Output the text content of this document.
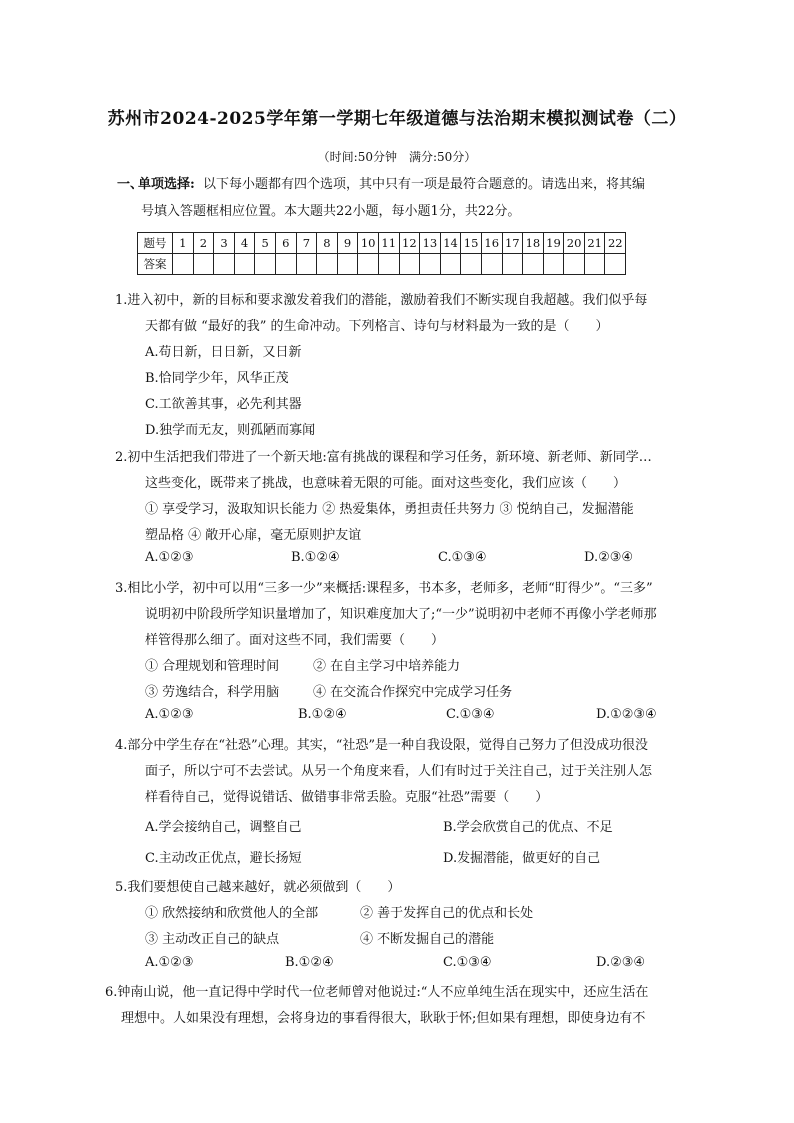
苏州市2024-2025学年第一学期七年级道德与法治期末模拟测试卷（二）
（时间:50分钟　满分:50分）
一、
单项选择: 以下每小题都有四个选项，其中只有一项是最符合题意的。请选出来，将其编
号填入答题框相应位置。本大题共22小题，每小题1分，共22分。
题号	1	2	3	4	5	6	7	8	9	10	11	12	13	14	15	16	17	18	19	20	21	22
答案																						
1.进入初中，新的目标和要求激发着我们的潜能，激励着我们不断实现自我超越。我们似乎每
天都有做 “最好的我” 的生命冲动。下列格言、诗句与材料最为一致的是（　　）
A.苟日新，日日新，又日新
B.恰同学少年，风华正茂
C.工欲善其事，必先利其器
D.独学而无友，则孤陋而寡闻
2.初中生活把我们带进了一个新天地:富有挑战的课程和学习任务，新环境、新老师、新同学…
这些变化，既带来了挑战，也意味着无限的可能。面对这些变化，我们应该（　　）
① 享受学习，汲取知识长能力 ② 热爱集体，勇担责任共努力 ③ 悦纳自己，发掘潜能
塑品格 ④ 敞开心扉，毫无原则护友谊
A.①②③	B.①②④	C.①③④	D.②③④
3.相比小学，初中可以用“三多一少”来概括:课程多，书本多，老师多，老师“盯得少”。“三多”
说明初中阶段所学知识量增加了，知识难度加大了;“一少”说明初中老师不再像小学老师那
样管得那么细了。面对这些不同，我们需要（　　）
① 合理规划和管理时间	② 在自主学习中培养能力
③ 劳逸结合，科学用脑	④ 在交流合作探究中完成学习任务
A.①②③	B.①②④	C.①③④	D.①②③④
4.部分中学生存在“社恐”心理。其实，“社恐”是一种自我设限，觉得自己努力了但没成功很没
面子，所以宁可不去尝试。从另一个角度来看，人们有时过于关注自己，过于关注别人怎
样看待自己，觉得说错话、做错事非常丢脸。克服“社恐”需要（　　）
A.学会接纳自己，调整自己	B.学会欣赏自己的优点、不足
C.主动改正优点，避长扬短	D.发掘潜能，做更好的自己
5.我们要想使自己越来越好，就必须做到（　　）
① 欣然接纳和欣赏他人的全部	② 善于发挥自己的优点和长处
③ 主动改正自己的缺点	④ 不断发掘自己的潜能
A.①②③	B.①②④	C.①③④	D.②③④
6.钟南山说，他一直记得中学时代一位老师曾对他说过:“人不应单纯生活在现实中，还应生活在
理想中。人如果没有理想，会将身边的事看得很大，耿耿于怀;但如果有理想，即使身边有不
